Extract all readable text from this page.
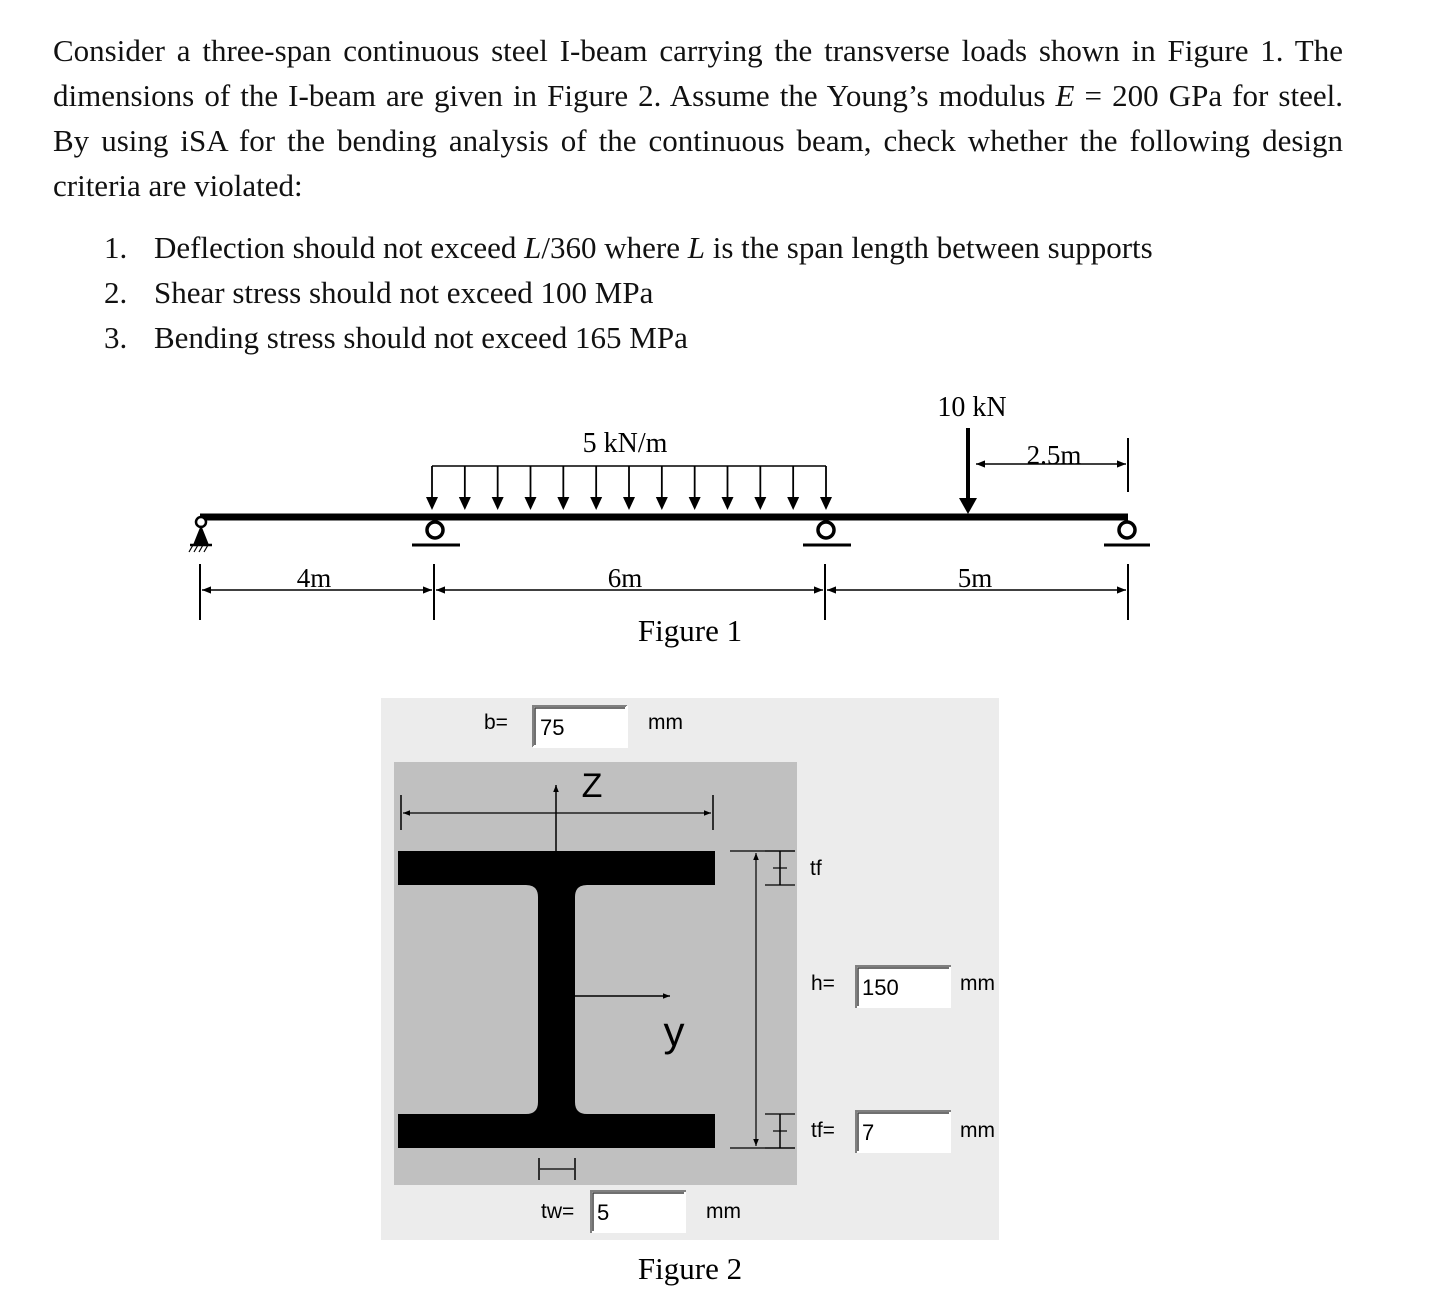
Consider a three-span continuous steel I-beam carrying the transverse loads shown in Figure 1. The dimensions of the I-beam are given in Figure 2. Assume the Young’s modulus E = 200 GPa for steel. By using iSA for the bending analysis of the continuous beam, check whether the following design criteria are violated:

1. Deflection should not exceed L/360 where L is the span length between supports
2. Shear stress should not exceed 100 MPa
3. Bending stress should not exceed 165 MPa
5 kN/m
10 kN
2.5m
4m	6m	5m
Figure 1
b= 75	mm
Z
y
tf
h= 150	mm
tf= 7	mm
tw= 5	mm
Figure 2
